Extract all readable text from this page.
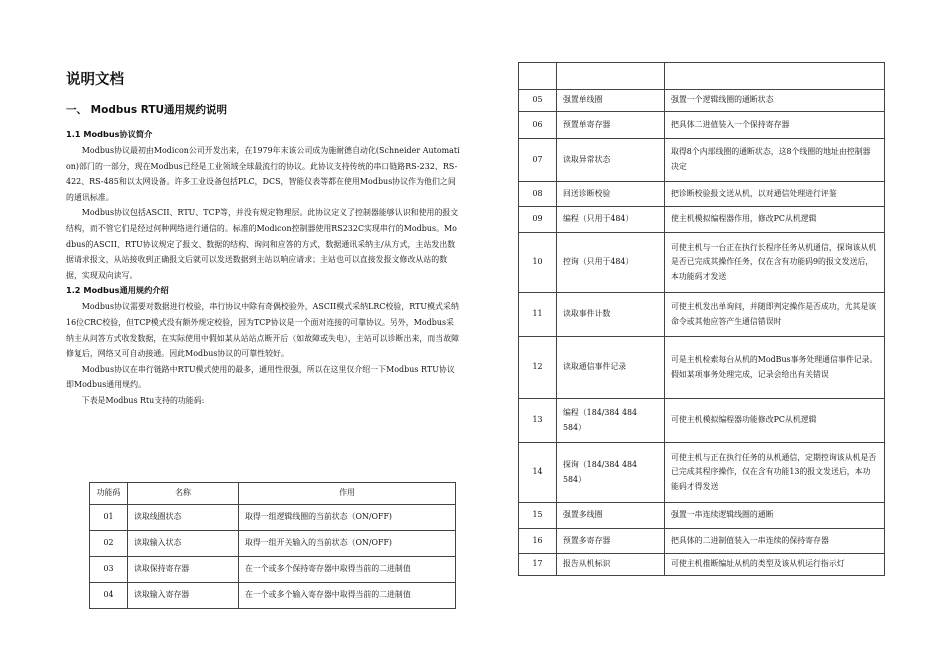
说明文档
一、 Modbus RTU通用规约说明
1.1 Modbus协议简介

Modbus协议最初由Modicon公司开发出来，在1979年末该公司成为施耐德自动化(Schneider Automation)部门的一部分，现在Modbus已经是工业领域全球最流行的协议。此协议支持传统的串口链路RS-232、RS-422、RS-485和以太网设备。许多工业设备包括PLC，DCS，智能仪表等都在使用Modbus协议作为他们之间的通讯标准。

Modbus协议包括ASCII、RTU、TCP等，并没有规定物理层。此协议定义了控制器能够认识和使用的报文结构，而不管它们是经过何种网络进行通信的。标准的Modicon控制器使用RS232C实现串行的Modbus。Modbus的ASCII、RTU协议规定了报文、数据的结构、询问和应答的方式，数据通讯采纳主/从方式，主站发出数据请求报文，从站接收到正确报文后就可以发送数据到主站以响应请求；主站也可以直接发报文修改从站的数据，实现双向读写。

1.2 Modbus通用规约介绍

Modbus协议需要对数据进行校验，串行协议中除有奇偶校验外，ASCII模式采纳LRC校验，RTU模式采纳16位CRC校验，但TCP模式没有额外规定校验，因为TCP协议是一个面对连接的可靠协议。另外，Modbus采纳主从问答方式收发数据，在实际使用中假如某从站站点断开后（如故障或失电），主站可以诊断出来，而当故障修复后，网络又可自动接通。因此Modbus协议的可靠性较好。

Modbus协议在串行链路中RTU模式使用的最多，通用性很强，所以在这里仅介绍一下Modbus RTU协议即Modbus通用规约。

下表是Modbus Rtu支持的功能码:

功能码	名称	作用
01	读取线圈状态	取得一组逻辑线圈的当前状态（ON/OFF)
02	读取输入状态	取得一组开关输入的当前状态（ON/OFF)
03	读取保持寄存器	在一个或多个保持寄存器中取得当前的二进制值
04	读取输入寄存器	在一个或多个输入寄存器中取得当前的二进制值

05	强置单线圈	强置一个逻辑线圈的通断状态
06	预置单寄存器	把具体二进值装入一个保持寄存器
07	读取异常状态	取得8个内部线圈的通断状态，这8个线圈的地址由控制器决定
08	回送诊断校验	把诊断校验报文送从机，以对通信处理进行评鉴
09	编程（只用于484）	使主机模拟编程器作用，修改PC从机逻辑
10	控询（只用于484）	可使主机与一台正在执行长程序任务从机通信，探询该从机是否已完成其操作任务，仅在含有功能码9的报文发送后，本功能码才发送
11	读取事件计数	可使主机发出单询问，并随即判定操作是否成功，尤其是该命令或其他应答产生通信错误时
12	读取通信事件记录	可是主机检索每台从机的ModBus事务处理通信事件记录。假如某项事务处理完成，记录会给出有关错误
13	编程（184/384 484 584）	可使主机模拟编程器功能修改PC从机逻辑
14	探询（184/384 484 584）	可使主机与正在执行任务的从机通信，定期控询该从机是否已完成其程序操作，仅在含有功能13的报文发送后，本功能码才得发送
15	强置多线圈	强置一串连续逻辑线圈的通断
16	预置多寄存器	把具体的二进制值装入一串连续的保持寄存器
17	报告从机标识	可使主机推断编址从机的类型及该从机运行指示灯
